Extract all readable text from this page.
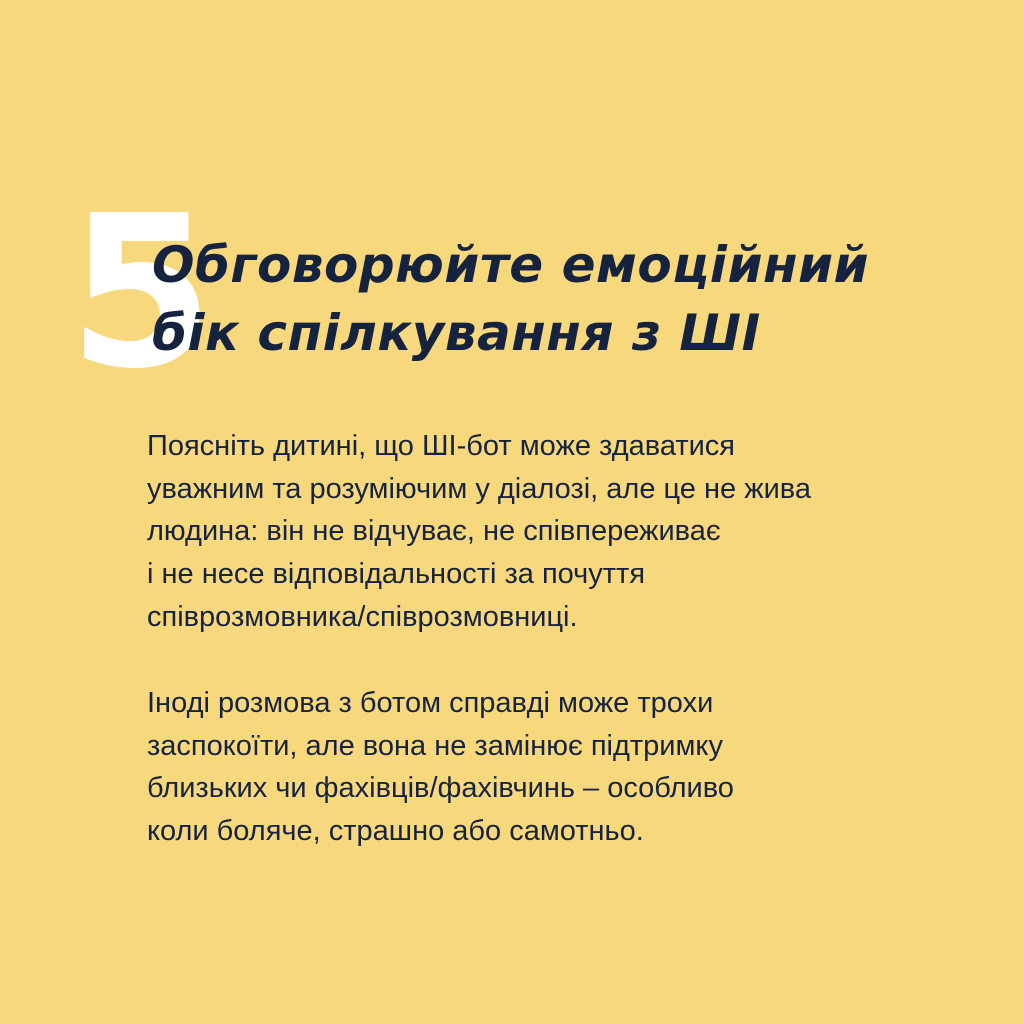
5
Обговорюйте емоційний
бік спілкування з ШІ

Поясніть дитині, що ШІ-бот може здаватися
уважним та розуміючим у діалозі, але це не жива
людина: він не відчуває, не співпереживає
і не несе відповідальності за почуття
співрозмовника/співрозмовниці.

Іноді розмова з ботом справді може трохи
заспокоїти, але вона не замінює підтримку
близьких чи фахівців/фахівчинь – особливо
коли боляче, страшно або самотньо.
